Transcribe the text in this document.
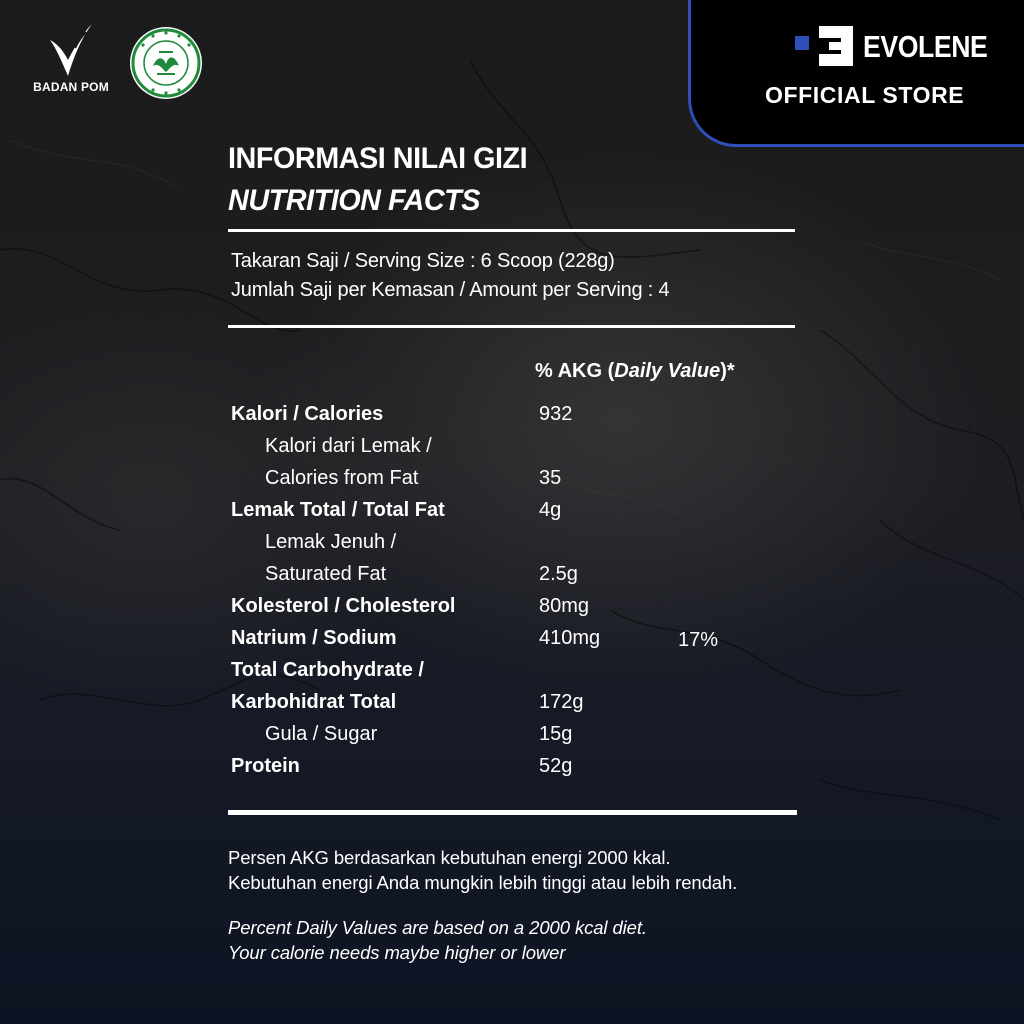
BADAN POM
EVOLENE
OFFICIAL STORE
INFORMASI NILAI GIZI
NUTRITION FACTS
Takaran Saji / Serving Size : 6 Scoop (228g)
Jumlah Saji per Kemasan / Amount per Serving : 4
% AKG (Daily Value)*
Kalori / Calories	932
Kalori dari Lemak /
Calories from Fat	35
Lemak Total / Total Fat	4g
Lemak Jenuh /
Saturated Fat	2.5g
Kolesterol / Cholesterol	80mg
Natrium / Sodium	410mg	17%
Total Carbohydrate /
Karbohidrat Total	172g
Gula / Sugar	15g
Protein	52g
Persen AKG berdasarkan kebutuhan energi 2000 kkal.
Kebutuhan energi Anda mungkin lebih tinggi atau lebih rendah.
Percent Daily Values are based on a 2000 kcal diet.
Your calorie needs maybe higher or lower
